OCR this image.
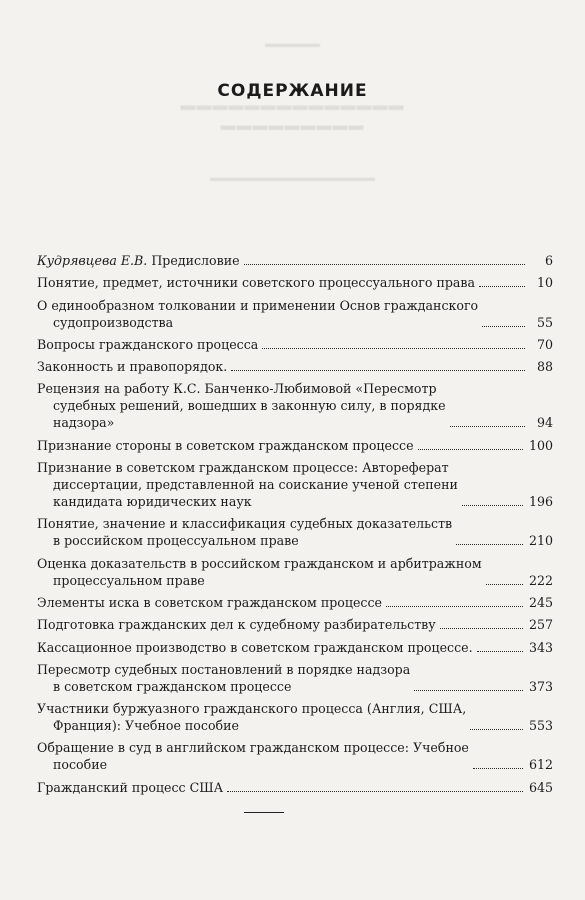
▬▬▬▬▬
▬▬▬▬▬▬▬▬▬▬▬▬▬▬
▬▬▬▬▬▬▬▬▬
▬▬▬▬▬▬▬▬▬▬▬▬▬▬▬
СОДЕРЖАНИЕ
Кудрявцева Е.В. Предисловие	6
Понятие, предмет, источники советского процессуального права	10
О единообразном толковании и применении Основ гражданского
судопроизводства	55
Вопросы гражданского процесса	70
Законность и правопорядок.	88
Рецензия на работу К.С. Банченко-Любимовой «Пересмотр
судебных решений, вошедших в законную силу, в порядке
надзора»	94
Признание стороны в советском гражданском процессе	100
Признание в советском гражданском процессе: Автореферат
диссертации, представленной на соискание ученой степени
кандидата юридических наук	196
Понятие, значение и классификация судебных доказательств
в российском процессуальном праве	210
Оценка доказательств в российском гражданском и арбитражном
процессуальном праве	222
Элементы иска в советском гражданском процессе	245
Подготовка гражданских дел к судебному разбирательству	257
Кассационное производство в советском гражданском процессе.	343
Пересмотр судебных постановлений в порядке надзора
в советском гражданском процессе	373
Участники буржуазного гражданского процесса (Англия, США,
Франция): Учебное пособие	553
Обращение в суд в английском гражданском процессе: Учебное
пособие	612
Гражданский процесс США	645
